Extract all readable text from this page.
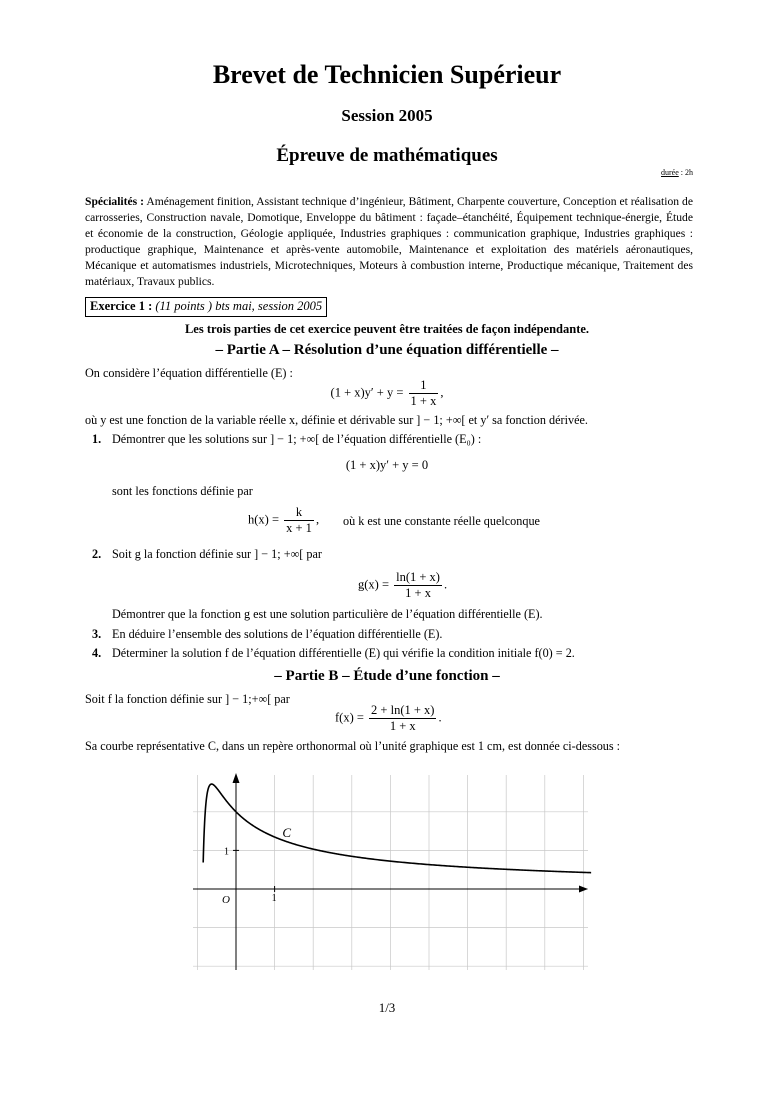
Brevet de Technicien Supérieur
Session 2005
Épreuve de mathématiques
durée : 2h
Spécialités : Aménagement finition, Assistant technique d’ingénieur, Bâtiment, Charpente couverture, Conception et réalisation de carrosseries, Construction navale, Domotique, Enveloppe du bâtiment : façade–étanchéité, Équipement technique-énergie, Étude et économie de la construction, Géologie appliquée, Industries graphiques : communication graphique, Industries graphiques : productique graphique, Maintenance et après-vente automobile, Maintenance et exploitation des matériels aéronautiques, Mécanique et automatismes industriels, Microtechniques, Moteurs à combustion interne, Productique mécanique, Traitement des matériaux, Travaux publics.
Exercice 1 : (11 points ) bts mai, session 2005
Les trois parties de cet exercice peuvent être traitées de façon indépendante.
– Partie A – Résolution d’une équation différentielle –
On considère l’équation différentielle (E) :
$(1 + x)y' + y = \frac{1}{1 + x}$ ,
où y est une fonction de la variable réelle x, définie et dérivable sur ] − 1; +∞[ et y′ sa fonction dérivée.
1. Démontrer que les solutions sur ] − 1; +∞[ de l’équation différentielle (E₀) :
(1 + x)y′ + y = 0
sont les fonctions définie par
$h(x) = \frac{k}{x + 1}$ , où k est une constante réelle quelconque
2. Soit g la fonction définie sur ] − 1; +∞[ par
$g(x) = \frac{\ln(1 + x)}{1 + x}$ .
Démontrer que la fonction g est une solution particulière de l’équation différentielle (E).
3. En déduire l’ensemble des solutions de l’équation différentielle (E).
4. Déterminer la solution f de l’équation différentielle (E) qui vérifie la condition initiale f(0) = 2.
– Partie B – Étude d’une fonction –
Soit f la fonction définie sur ] − 1;+∞[ par
$f(x) = \frac{2 + \ln(1 + x)}{1 + x}$ .
Sa courbe représentative C, dans un repère orthonormal où l’unité graphique est 1 cm, est donnée ci-dessous :
O	1
1
C
1/3
